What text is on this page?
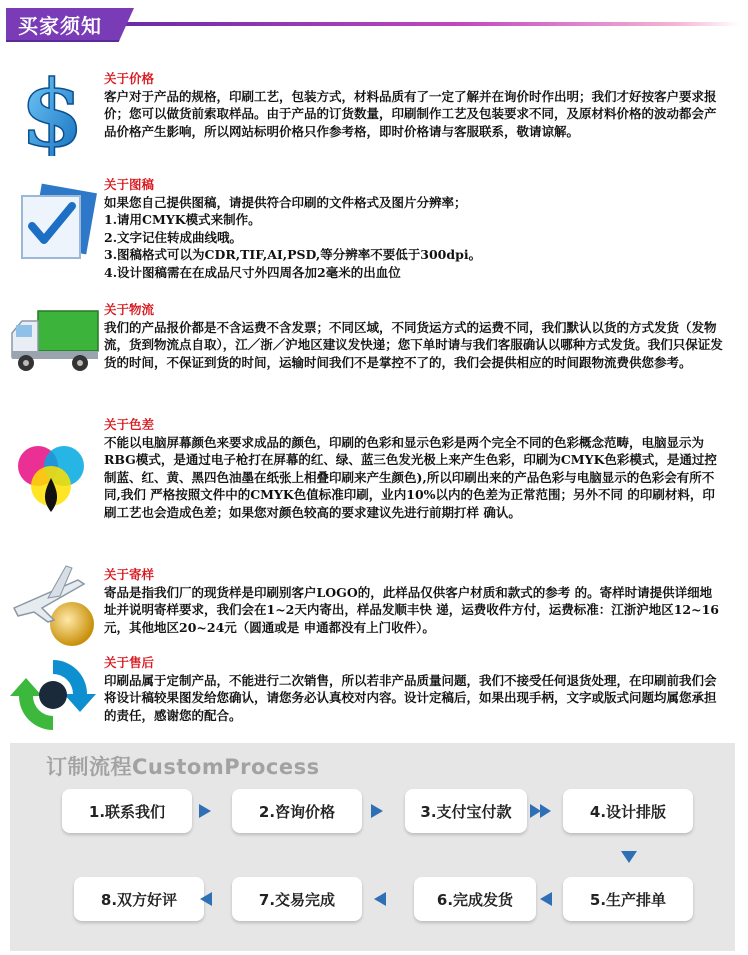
买家须知
$ 关于价格
客户对于产品的规格，印刷工艺，包装方式，材料品质有了一定了解并在询价时作出明；我们才好按客户要求报价；您可以做货前索取样品。由于产品的订货数量，印刷制作工艺及包装要求不同，及原材料价格的波动都会产品价格产生影响，所以网站标明价格只作参考格，即时价格请与客服联系，敬请谅解。
关于图稿
如果您自己提供图稿，请提供符合印刷的文件格式及图片分辨率；
1.请用CMYK模式来制作。
2.文字记住转成曲线哦。
3.图稿格式可以为CDR,TIF,AI,PSD,等分辨率不要低于300dpi。
4.设计图稿需在在成品尺寸外四周各加2毫米的出血位
关于物流
我们的产品报价都是不含运费不含发票；不同区域，不同货运方式的运费不同，我们默认以货的方式发货（发物流，货到物流点自取），江／浙／沪地区建议发快递；您下单时请与我们客服确认以哪种方式发货。我们只保证发货的时间，不保证到货的时间，运输时间我们不是掌控不了的，我们会提供相应的时间跟物流费供您参考。
关于色差
不能以电脑屏幕颜色来要求成品的颜色，印刷的色彩和显示色彩是两个完全不同的色彩概念范畴，电脑显示为RBG模式，是通过电子枪打在屏幕的红、绿、蓝三色发光极上来产生色彩，印刷为CMYK色彩模式，是通过控制蓝、红、黄、黑四色油墨在纸张上相叠印刷来产生颜色),所以印刷出来的产品色彩与电脑显示的色彩会有所不同,我们 严格按照文件中的CMYK色值标准印刷，业内10%以内的色差为正常范围；另外不同 的印刷材料，印刷工艺也会造成色差；如果您对颜色较高的要求建议先进行前期打样 确认。
关于寄样
寄品是指我们厂的现货样是印刷别客户LOGO的，此样品仅供客户材质和款式的参考 的。寄样时请提供详细地址并说明寄样要求，我们会在1~2天内寄出，样品发顺丰快 递，运费收件方付，运费标准：江浙沪地区12~16元，其他地区20~24元（圆通或是 申通都没有上门收件）。
关于售后
印刷品属于定制产品，不能进行二次销售，所以若非产品质量问题，我们不接受任何退货处理，在印刷前我们会将设计稿较果图发给您确认，请您务必认真校对内容。设计定稿后，如果出现手柄，文字或版式问题均属您承担的责任，感谢您的配合。
订制流程CustomProcess
1.联系我们	2.咨询价格	3.支付宝付款	4.设计排版
5.生产排单
6.完成发货
7.交易完成
8.双方好评
